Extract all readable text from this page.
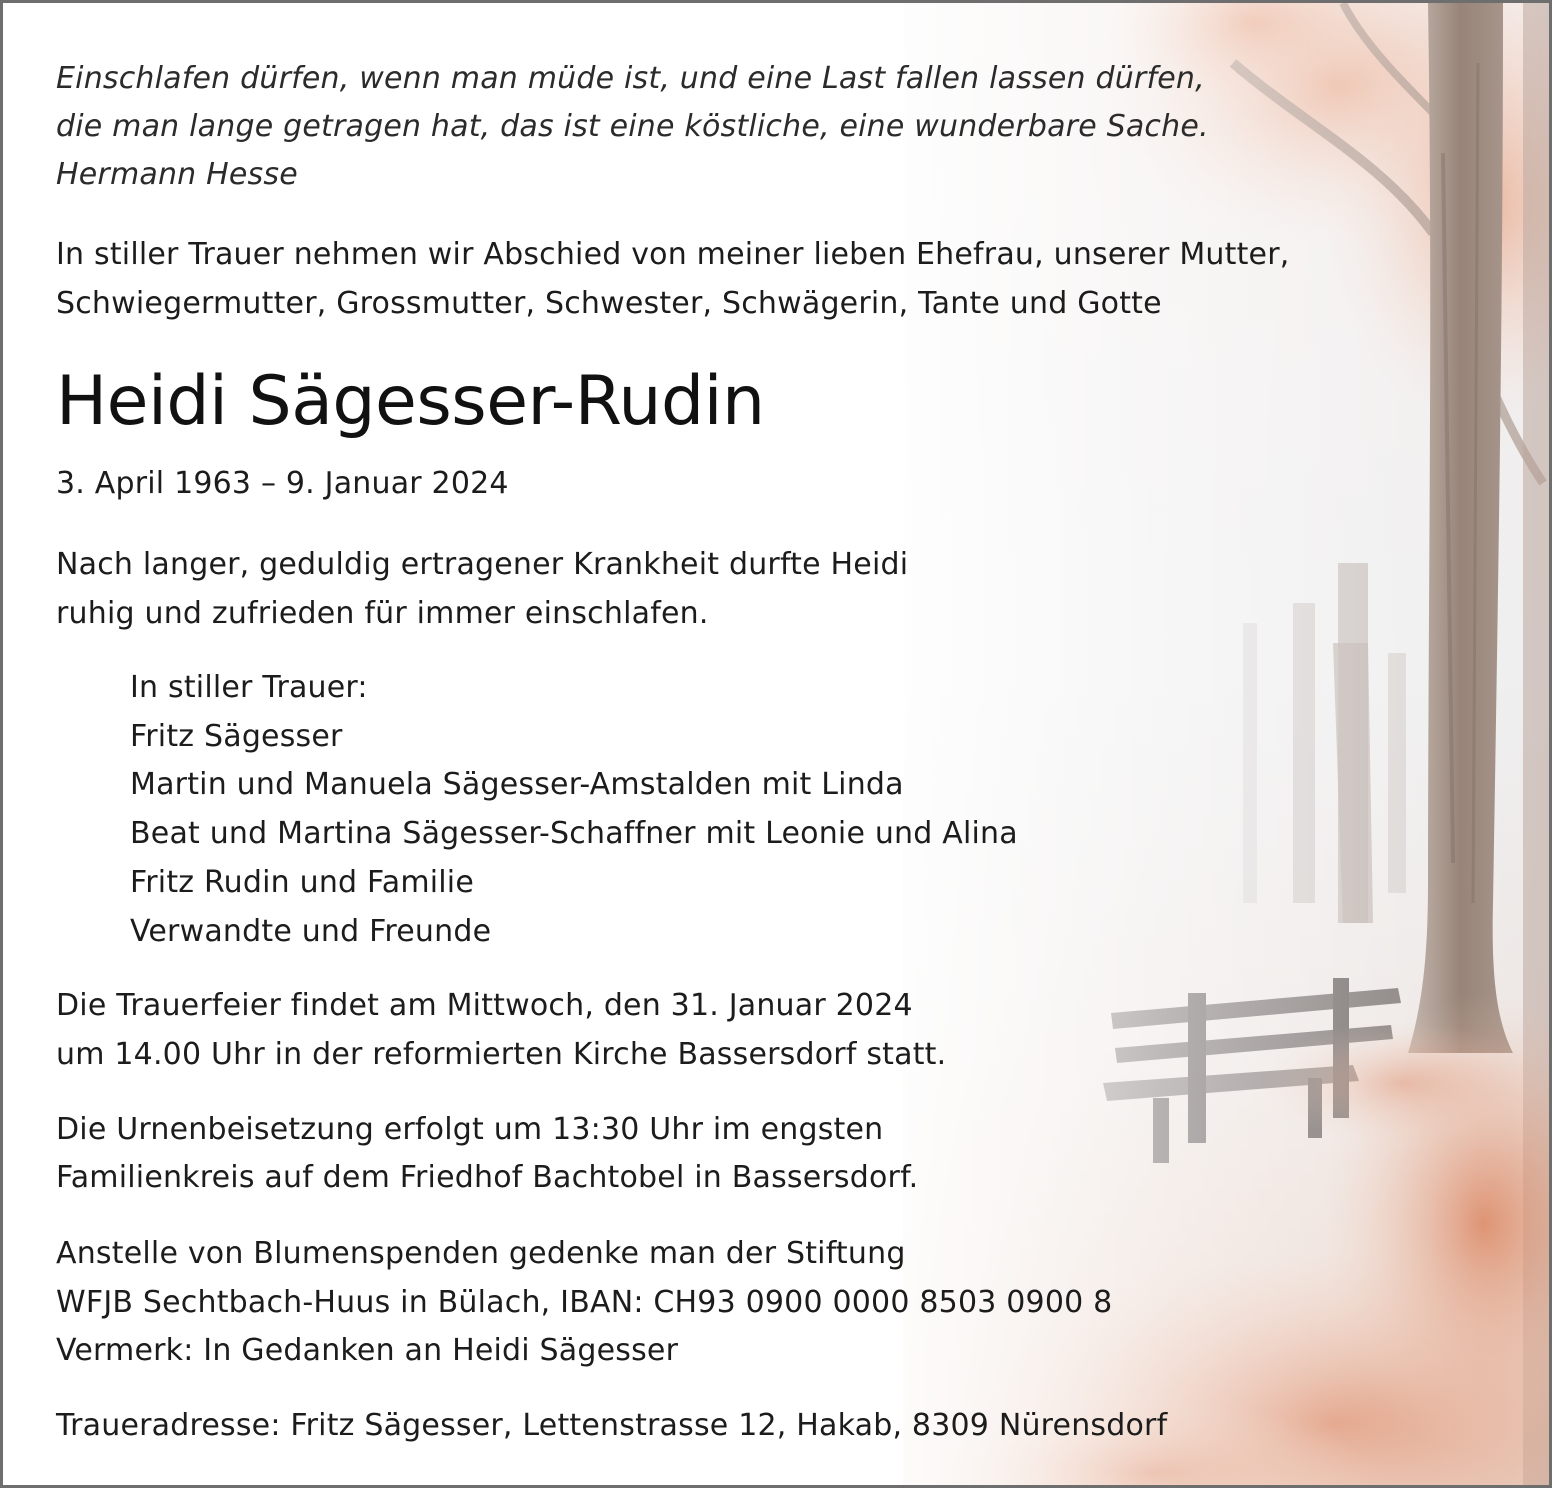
Einschlafen dürfen, wenn man müde ist, und eine Last fallen lassen dürfen,
die man lange getragen hat, das ist eine köstliche, eine wunderbare Sache.
Hermann Hesse
In stiller Trauer nehmen wir Abschied von meiner lieben Ehefrau, unserer Mutter,
Schwiegermutter, Grossmutter, Schwester, Schwägerin, Tante und Gotte
Heidi Sägesser-Rudin
3. April 1963 – 9. Januar 2024
Nach langer, geduldig ertragener Krankheit durfte Heidi
ruhig und zufrieden für immer einschlafen.
In stiller Trauer:
Fritz Sägesser
Martin und Manuela Sägesser-Amstalden mit Linda
Beat und Martina Sägesser-Schaffner mit Leonie und Alina
Fritz Rudin und Familie
Verwandte und Freunde
Die Trauerfeier findet am Mittwoch, den 31. Januar 2024
um 14.00 Uhr in der reformierten Kirche Bassersdorf statt.
Die Urnenbeisetzung erfolgt um 13:30 Uhr im engsten
Familienkreis auf dem Friedhof Bachtobel in Bassersdorf.
Anstelle von Blumenspenden gedenke man der Stiftung
WFJB Sechtbach-Huus in Bülach, IBAN: CH93 0900 0000 8503 0900 8
Vermerk: In Gedanken an Heidi Sägesser
Traueradresse: Fritz Sägesser, Lettenstrasse 12, Hakab, 8309 Nürensdorf
